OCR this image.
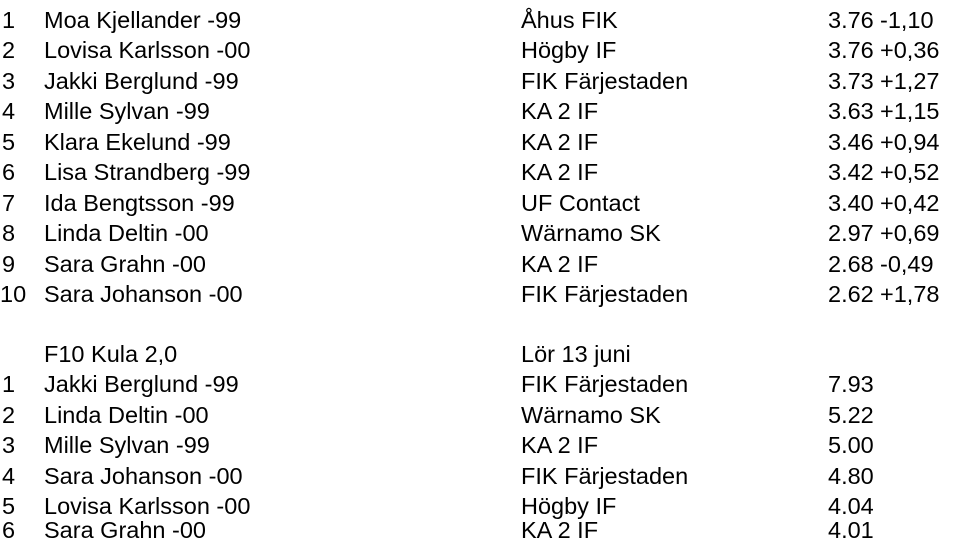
1 Moa Kjellander -99	Åhus FIK	3.76 -1,10
2 Lovisa Karlsson -00	Högby IF	3.76 +0,36
3 Jakki Berglund -99	FIK Färjestaden	3.73 +1,27
4 Mille Sylvan -99	KA 2 IF	3.63 +1,15
5 Klara Ekelund -99	KA 2 IF	3.46 +0,94
6 Lisa Strandberg -99	KA 2 IF	3.42 +0,52
7 Ida Bengtsson -99	UF Contact	3.40 +0,42
8 Linda Deltin -00	Wärnamo SK	2.97 +0,69
9 Sara Grahn -00	KA 2 IF	2.68 -0,49
10 Sara Johanson -00	FIK Färjestaden	2.62 +1,78
F10 Kula 2,0	Lör 13 juni
1 Jakki Berglund -99	FIK Färjestaden	7.93
2 Linda Deltin -00	Wärnamo SK	5.22
3 Mille Sylvan -99	KA 2 IF	5.00
4 Sara Johanson -00	FIK Färjestaden	4.80
5 Lovisa Karlsson -00	Högby IF	4.04
6 Sara Grahn -00	KA 2 IF	4.01
